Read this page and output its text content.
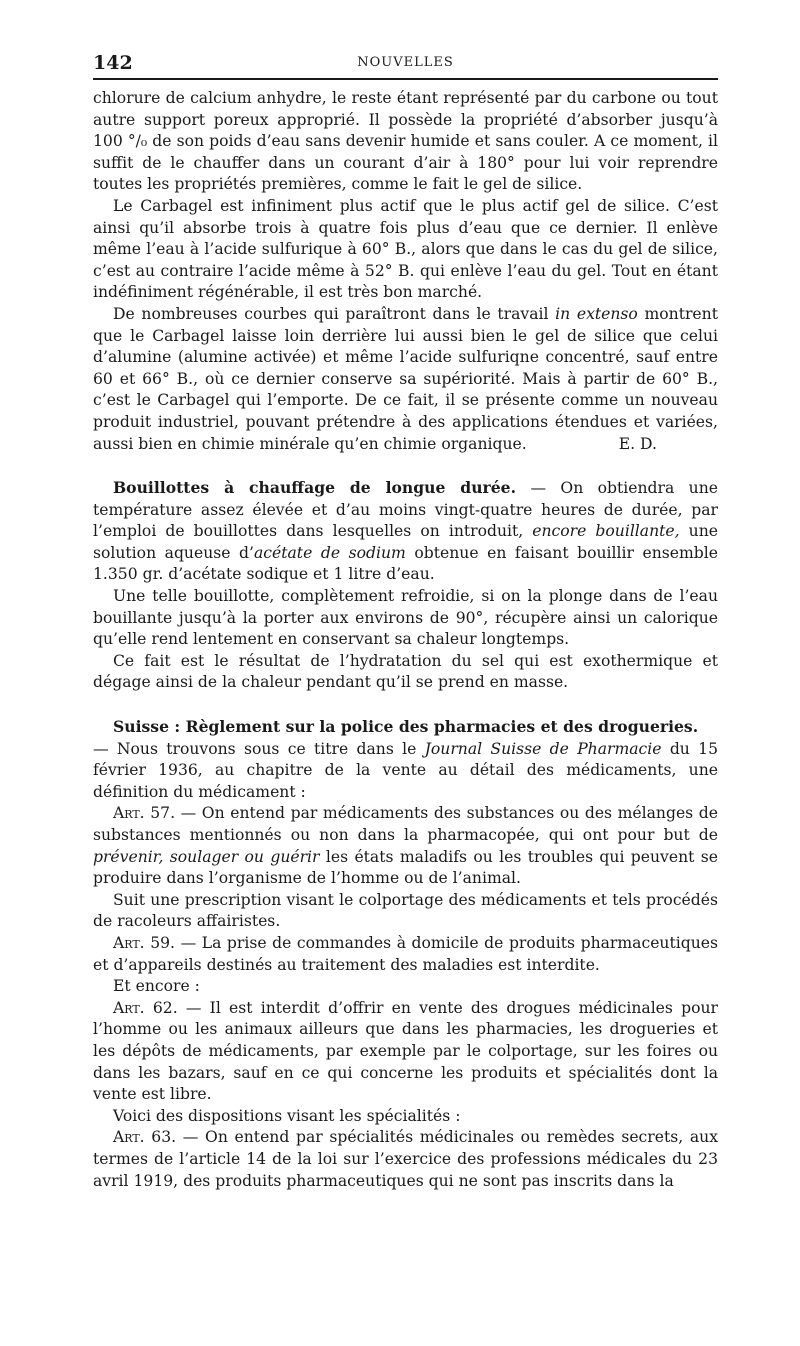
142	NOUVELLES

chlorure de calcium anhydre, le reste étant représenté par du carbone ou tout autre support poreux approprié. Il possède la propriété d’absorber jusqu’à 100 °/₀ de son poids d’eau sans devenir humide et sans couler. A ce moment, il suffit de le chauffer dans un courant d’air à 180° pour lui voir reprendre toutes les propriétés premières, comme le fait le gel de silice.

Le Carbagel est infiniment plus actif que le plus actif gel de silice. C’est ainsi qu’il absorbe trois à quatre fois plus d’eau que ce dernier. Il enlève même l’eau à l’acide sulfurique à 60° B., alors que dans le cas du gel de silice, c’est au contraire l’acide même à 52° B. qui enlève l’eau du gel. Tout en étant indéfiniment régénérable, il est très bon marché.

De nombreuses courbes qui paraîtront dans le travail in extenso montrent que le Carbagel laisse loin derrière lui aussi bien le gel de silice que celui d’alumine (alumine activée) et même l’acide sulfuriqne concentré, sauf entre 60 et 66° B., où ce dernier conserve sa supériorité. Mais à partir de 60° B., c’est le Carbagel qui l’emporte. De ce fait, il se présente comme un nouveau produit industriel, pouvant prétendre à des applications étendues et variées, aussi bien en chimie minérale qu’en chimie organique.	E. D.

Bouillottes à chauffage de longue durée. — On obtiendra une température assez élevée et d’au moins vingt-quatre heures de durée, par l’emploi de bouillottes dans lesquelles on introduit, encore bouillante, une solution aqueuse d’acétate de sodium obtenue en faisant bouillir ensemble 1.350 gr. d’acétate sodique et 1 litre d’eau.

Une telle bouillotte, complètement refroidie, si on la plonge dans de l’eau bouillante jusqu’à la porter aux environs de 90°, récupère ainsi un calorique qu’elle rend lentement en conservant sa chaleur longtemps.

Ce fait est le résultat de l’hydratation du sel qui est exothermique et dégage ainsi de la chaleur pendant qu’il se prend en masse.

Suisse : Règlement sur la police des pharmacies et des drogueries.

— Nous trouvons sous ce titre dans le Journal Suisse de Pharmacie du 15 février 1936, au chapitre de la vente au détail des médicaments, une définition du médicament :

Art. 57. — On entend par médicaments des substances ou des mélanges de substances mentionnés ou non dans la pharmacopée, qui ont pour but de prévenir, soulager ou guérir les états maladifs ou les troubles qui peuvent se produire dans l’organisme de l’homme ou de l’animal.

Suit une prescription visant le colportage des médicaments et tels procédés de racoleurs affairistes.

Art. 59. — La prise de commandes à domicile de produits pharmaceutiques et d’appareils destinés au traitement des maladies est interdite.

Et encore :

Art. 62. — Il est interdit d’offrir en vente des drogues médicinales pour l’homme ou les animaux ailleurs que dans les pharmacies, les drogueries et les dépôts de médicaments, par exemple par le colportage, sur les foires ou dans les bazars, sauf en ce qui concerne les produits et spécialités dont la vente est libre.

Voici des dispositions visant les spécialités :

Art. 63. — On entend par spécialités médicinales ou remèdes secrets, aux termes de l’article 14 de la loi sur l’exercice des professions médicales du 23 avril 1919, des produits pharmaceutiques qui ne sont pas inscrits dans la
